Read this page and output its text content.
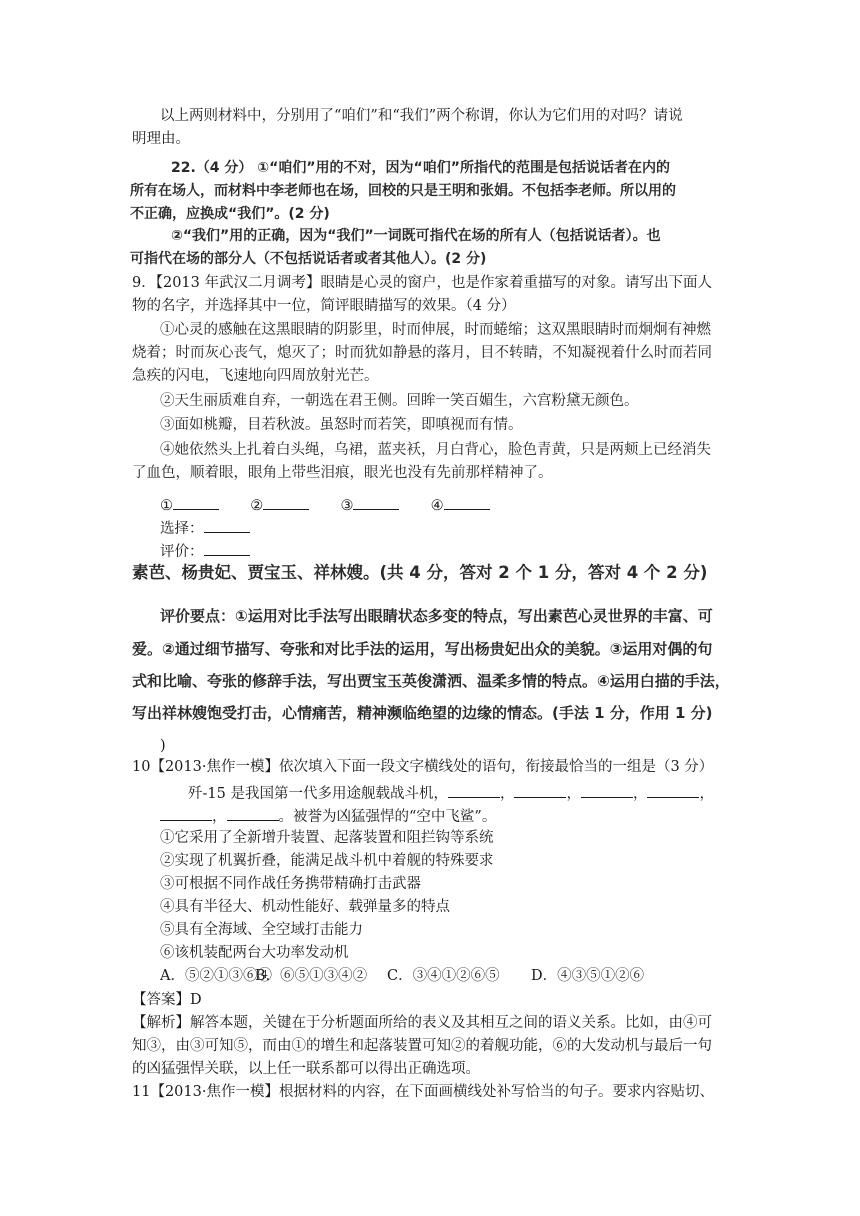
以上两则材料中，分别用了“咱们”和“我们”两个称谓，你认为它们用的对吗？请说
明理由。
22.（4 分） ①“咱们”用的不对，因为“咱们”所指代的范围是包括说话者在内的
所有在场人，而材料中李老师也在场，回校的只是王明和张娟。不包括李老师。所以用的
不正确，应换成“我们”。(2 分)
②“我们”用的正确，因为“我们”一词既可指代在场的所有人（包括说话者）。也
可指代在场的部分人（不包括说话者或者其他人）。(2 分)
9．【2013 年武汉二月调考】眼睛是心灵的窗户，也是作家着重描写的对象。请写出下面人
物的名字，并选择其中一位，简评眼睛描写的效果。（4 分）
①心灵的感触在这黑眼睛的阴影里，时而伸展，时而蜷缩；这双黑眼睛时而炯炯有神燃
烧着；时而灰心丧气，熄灭了；时而犹如静悬的落月，目不转睛，不知凝视着什么时而若同
急疾的闪电，飞速地向四周放射光芒。
②天生丽质难自弃，一朝选在君王侧。回眸一笑百媚生，六宫粉黛无颜色。
③面如桃瓣，目若秋波。虽怒时而若笑，即嗔视而有情。
④她依然头上扎着白头绳，乌裙，蓝夹袄，月白背心，脸色青黄，只是两颊上已经消失
了血色，顺着眼，眼角上带些泪痕，眼光也没有先前那样精神了。
①	②	③	④
选择：
评价：
素芭、杨贵妃、贾宝玉、祥林嫂。(共 4 分，答对 2 个 1 分，答对 4 个 2 分)
评价要点：①运用对比手法写出眼睛状态多变的特点，写出素芭心灵世界的丰富、可
爱。②通过细节描写、夸张和对比手法的运用，写出杨贵妃出众的美貌。③运用对偶的句
式和比喻、夸张的修辞手法，写出贾宝玉英俊潇洒、温柔多情的特点。④运用白描的手法，
写出祥林嫂饱受打击，心情痛苦，精神濒临绝望的边缘的情态。(手法 1 分，作用 1 分)
)
10【2013·焦作一模】依次填入下面一段文字横线处的语句，衔接最恰当的一组是（3 分）
歼-15 是我国第一代多用途舰载战斗机，	，	，	，	，
，	。被誉为凶猛强悍的“空中飞鲨”。
①它采用了全新增升装置、起落装置和阻拦钩等系统
②实现了机翼折叠，能满足战斗机中着舰的特殊要求
③可根据不同作战任务携带精确打击武器
④具有半径大、机动性能好、载弹量多的特点
⑤具有全海域、全空域打击能力
⑥该机装配两台大功率发动机
A．⑤②①③⑥④
B．⑥⑤①③④② C．③④①②⑥⑤ D．④③⑤①②⑥
【答案】D
【解析】解答本题，关键在于分析题面所给的表义及其相互之间的语义关系。比如，由④可
知③，由③可知⑤，而由①的增生和起落装置可知②的着舰功能，⑥的大发动机与最后一句
的凶猛强悍关联，以上任一联系都可以得出正确选项。
11【2013·焦作一模】根据材料的内容，在下面画横线处补写恰当的句子。要求内容贴切、
